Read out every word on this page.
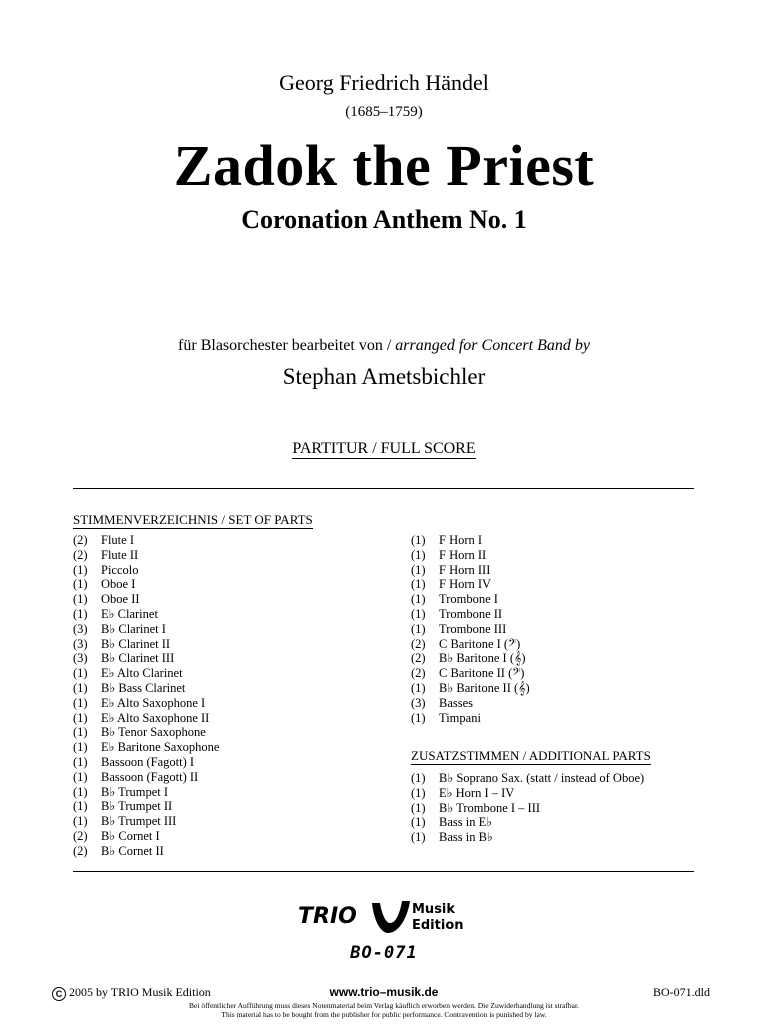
Georg Friedrich Händel
(1685–1759)
Zadok the Priest
Coronation Anthem No. 1
für Blasorchester bearbeitet von / arranged for Concert Band by
Stephan Ametsbichler
PARTITUR / FULL SCORE
STIMMENVERZEICHNIS / SET OF PARTS
(2) Flute I
(2) Flute II
(1) Piccolo
(1) Oboe I
(1) Oboe II
(1) E♭ Clarinet
(3) B♭ Clarinet I
(3) B♭ Clarinet II
(3) B♭ Clarinet III
(1) E♭ Alto Clarinet
(1) B♭ Bass Clarinet
(1) E♭ Alto Saxophone I
(1) E♭ Alto Saxophone II
(1) B♭ Tenor Saxophone
(1) E♭ Baritone Saxophone
(1) Bassoon (Fagott) I
(1) Bassoon (Fagott) II
(1) B♭ Trumpet I
(1) B♭ Trumpet II
(1) B♭ Trumpet III
(2) B♭ Cornet I
(2) B♭ Cornet II
(1) F Horn I
(1) F Horn II
(1) F Horn III
(1) F Horn IV
(1) Trombone I
(1) Trombone II
(1) Trombone III
(2) C Baritone I (𝄢)
(2) B♭ Baritone I (𝄞)
(2) C Baritone II (𝄢)
(1) B♭ Baritone II (𝄞)
(3) Basses
(1) Timpani
ZUSATZSTIMMEN / ADDITIONAL PARTS
(1) B♭ Soprano Sax. (statt / instead of Oboe)
(1) E♭ Horn I – IV
(1) B♭ Trombone I – III
(1) Bass in E♭
(1) Bass in B♭
TRIO	Musik
Edition
BO-071
C 2005 by TRIO Musik Edition	www.trio–musik.de	BO-071.dld
Bei öffentlicher Aufführung muss dieses Notenmaterial beim Verlag käuflich erworben werden. Die Zuwiderhandlung ist strafbar.
This material has to be bought from the publisher for public performance. Contravention is punished by law.
